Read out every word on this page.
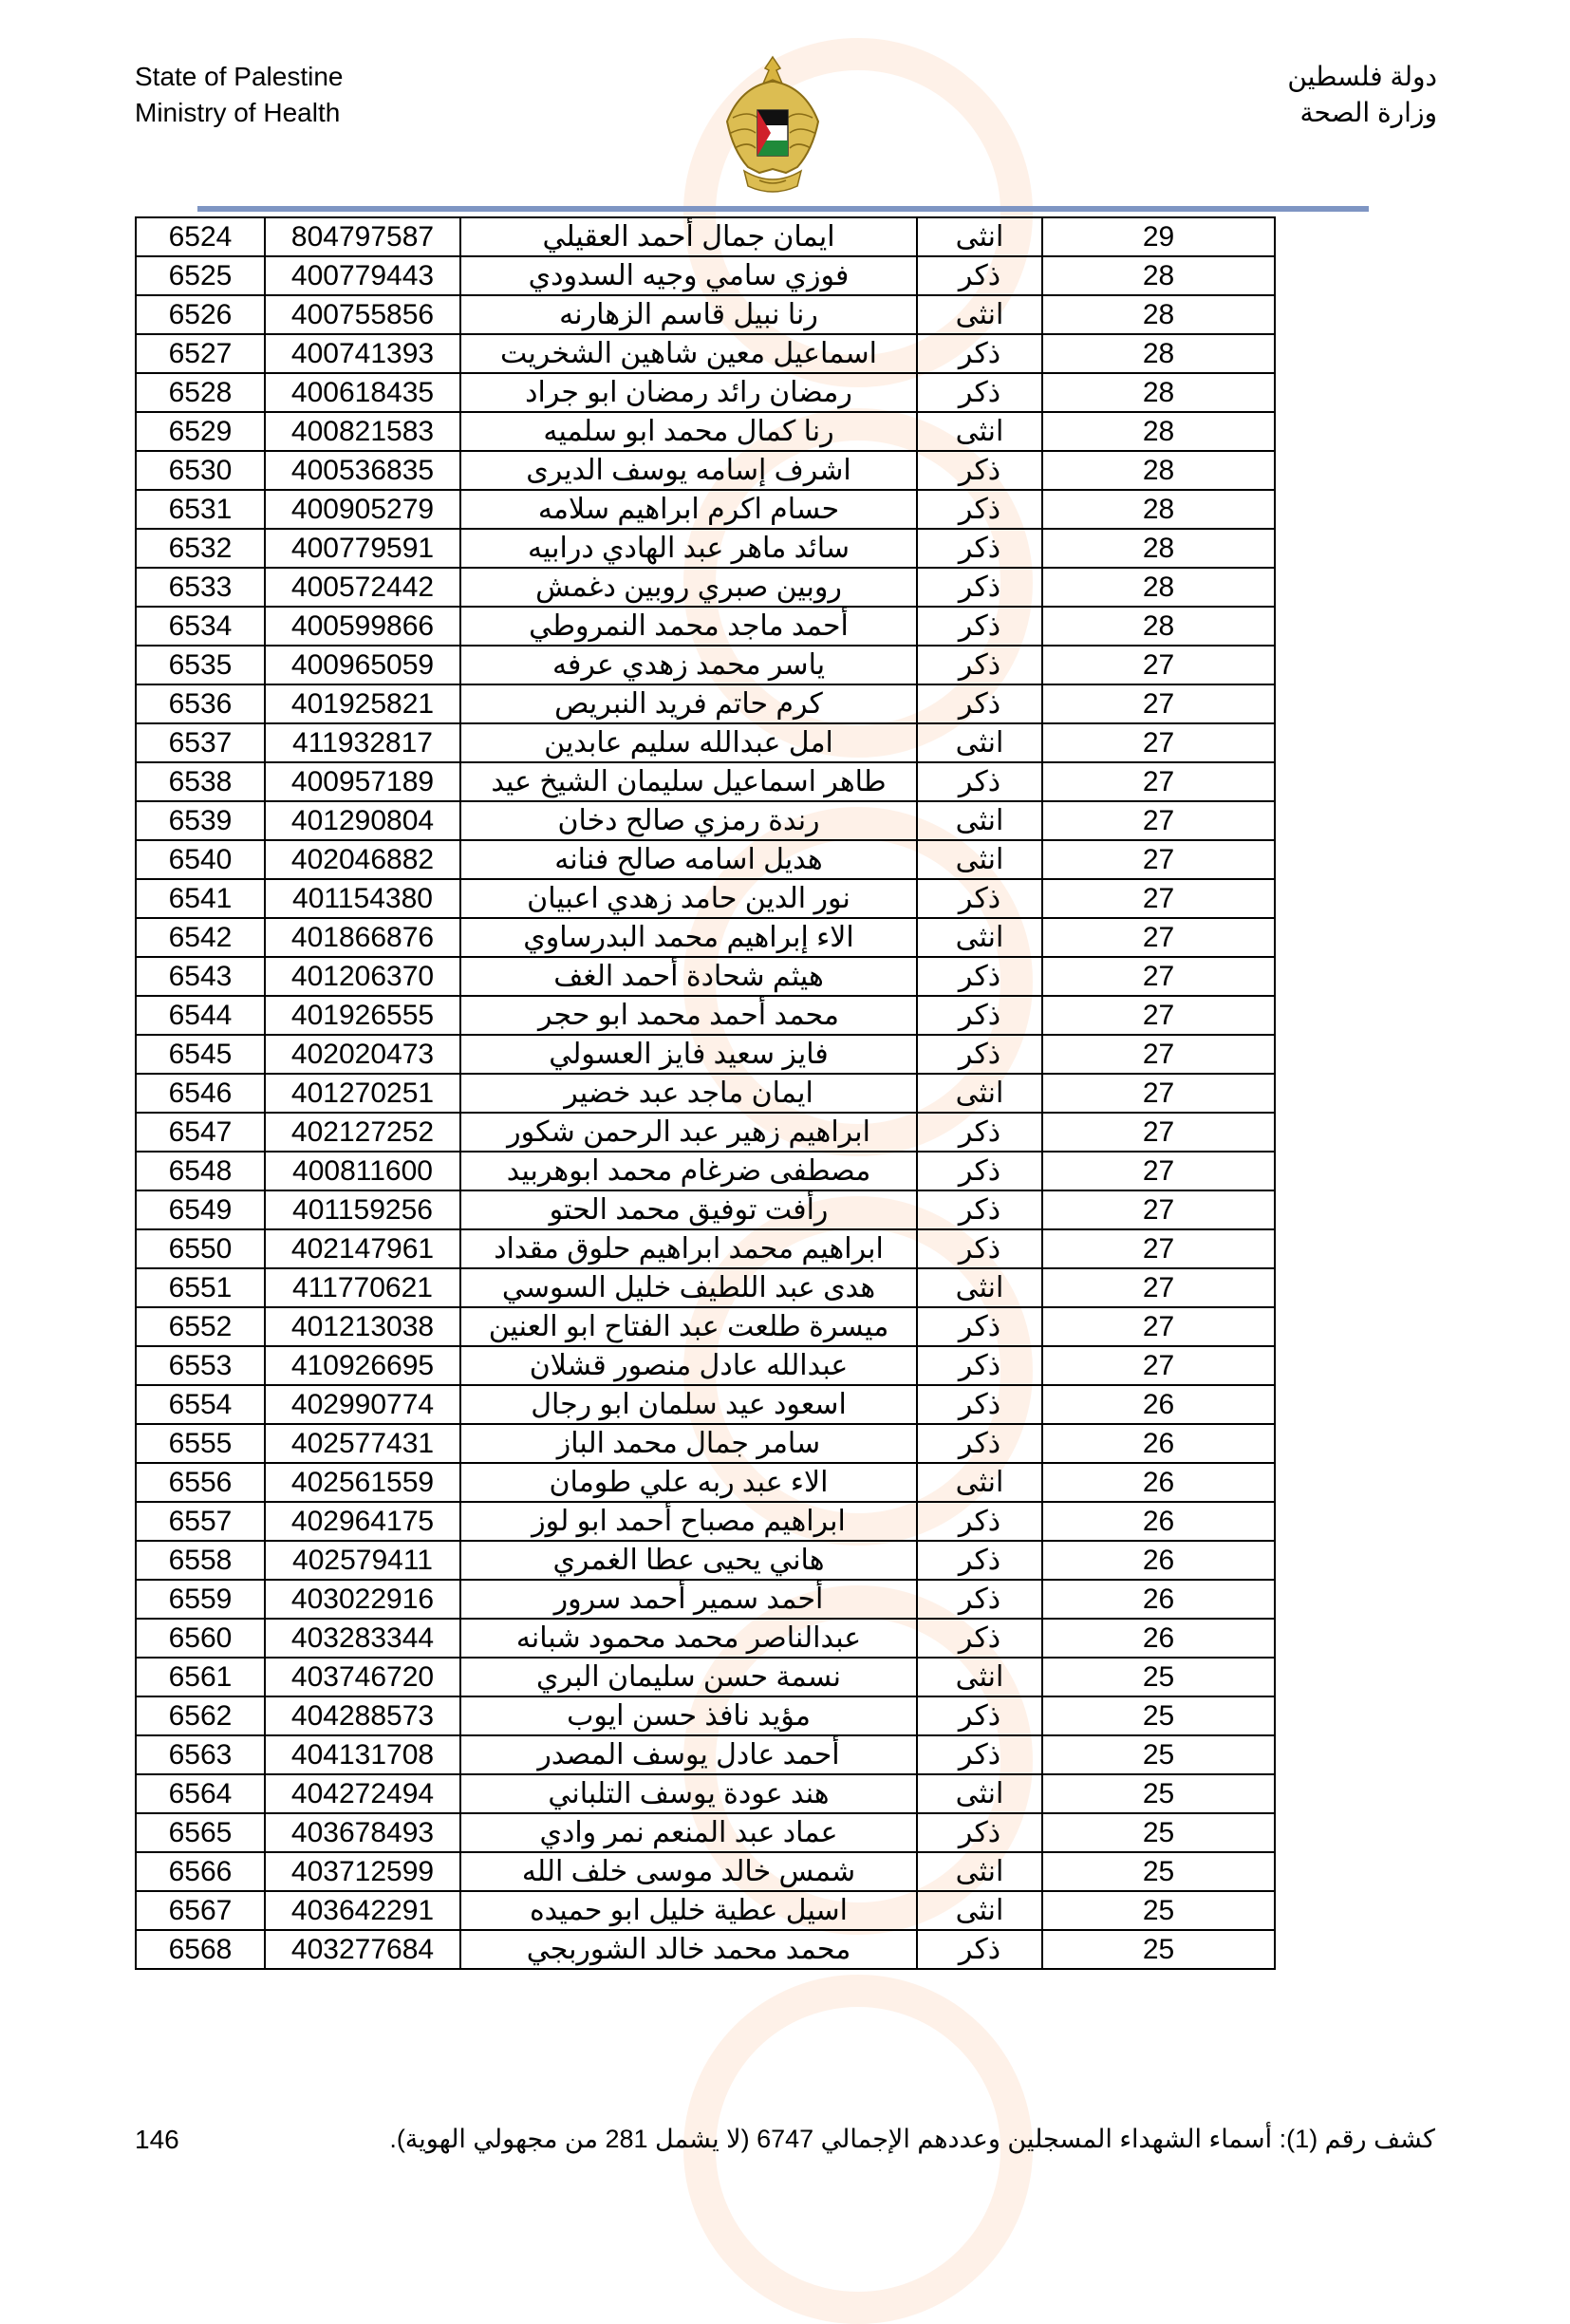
State of Palestine
Ministry of Health
دولة فلسطين
وزارة الصحة
6524	804797587	ايمان جمال أحمد العقيلي	انثى	29
6525	400779443	فوزي سامي وجيه السدودي	ذكر	28
6526	400755856	رنا نبيل قاسم الزهارنه	انثى	28
6527	400741393	اسماعيل معين شاهين الشخريت	ذكر	28
6528	400618435	رمضان رائد رمضان ابو جراد	ذكر	28
6529	400821583	رنا كمال محمد ابو سلميه	انثى	28
6530	400536835	اشرف إسامه يوسف الديرى	ذكر	28
6531	400905279	حسام اكرم ابراهيم سلامه	ذكر	28
6532	400779591	سائد ماهر عبد الهادي درابيه	ذكر	28
6533	400572442	روبين صبري روبين دغمش	ذكر	28
6534	400599866	أحمد ماجد محمد النمروطي	ذكر	28
6535	400965059	ياسر محمد زهدي عرفه	ذكر	27
6536	401925821	كرم حاتم فريد النبريص	ذكر	27
6537	411932817	امل عبدالله سليم عابدين	انثى	27
6538	400957189	طاهر اسماعيل سليمان الشيخ عيد	ذكر	27
6539	401290804	رندة رمزي صالح دخان	انثى	27
6540	402046882	هديل اسامه صالح فنانه	انثى	27
6541	401154380	نور الدين حامد زهدي اعبيان	ذكر	27
6542	401866876	الاء إبراهيم محمد البدرساوي	انثى	27
6543	401206370	هيثم شحادة أحمد الغف	ذكر	27
6544	401926555	محمد أحمد محمد ابو حجر	ذكر	27
6545	402020473	فايز سعيد فايز العسولي	ذكر	27
6546	401270251	ايمان ماجد عبد خضير	انثى	27
6547	402127252	ابراهيم زهير عبد الرحمن شكور	ذكر	27
6548	400811600	مصطفى ضرغام محمد ابوهربيد	ذكر	27
6549	401159256	رأفت توفيق محمد الحتو	ذكر	27
6550	402147961	ابراهيم محمد ابراهيم حلوق مقداد	ذكر	27
6551	411770621	هدى عبد اللطيف خليل السوسي	انثى	27
6552	401213038	ميسرة طلعت عبد الفتاح ابو العنين	ذكر	27
6553	410926695	عبدالله عادل منصور قشلان	ذكر	27
6554	402990774	اسعود عيد سلمان ابو رجال	ذكر	26
6555	402577431	سامر جمال محمد الباز	ذكر	26
6556	402561559	الاء عبد ربه علي طومان	انثى	26
6557	402964175	ابراهيم مصباح أحمد ابو لوز	ذكر	26
6558	402579411	هاني يحيى عطا الغمري	ذكر	26
6559	403022916	أحمد سمير أحمد سرور	ذكر	26
6560	403283344	عبدالناصر محمد محمود شبانه	ذكر	26
6561	403746720	نسمة حسن سليمان البري	انثى	25
6562	404288573	مؤيد نافذ حسن ايوب	ذكر	25
6563	404131708	أحمد عادل يوسف المصدر	ذكر	25
6564	404272494	هند عودة يوسف التلباني	انثى	25
6565	403678493	عماد عبد المنعم نمر وادي	ذكر	25
6566	403712599	شمس خالد موسى خلف الله	انثى	25
6567	403642291	اسيل عطية خليل ابو حميده	انثى	25
6568	403277684	محمد محمد خالد الشوربجي	ذكر	25
146	كشف رقم (1): أسماء الشهداء المسجلين وعددهم الإجمالي 6747 (لا يشمل 281 من مجهولي الهوية).
